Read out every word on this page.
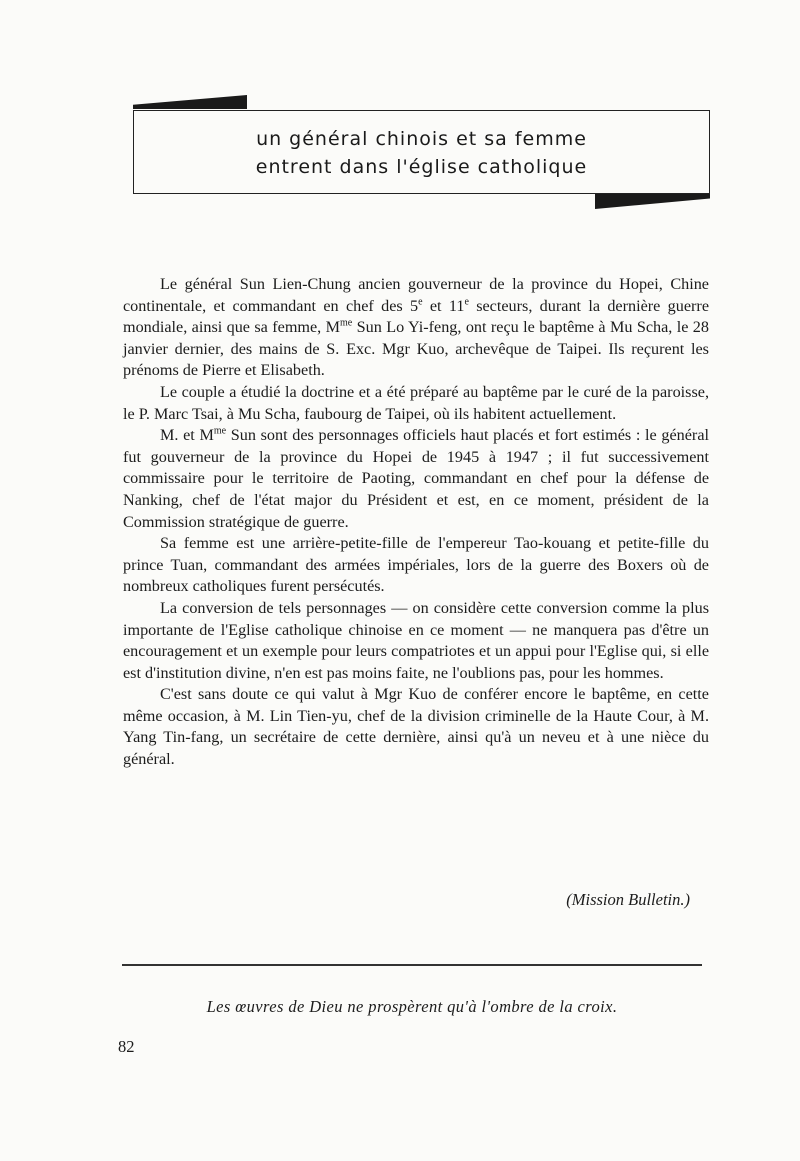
un général chinois et sa femme
entrent dans l'église catholique

Le général Sun Lien-Chung ancien gouverneur de la province du Hopei, Chine continentale, et commandant en chef des 5e et 11e secteurs, durant la dernière guerre mondiale, ainsi que sa femme, $M^{me}$ Sun Lo Yi-feng, ont reçu le baptême à Mu Scha, le 28 janvier dernier, des mains de S. Exc. Mgr Kuo, archevêque de Taipei. Ils reçurent les prénoms de Pierre et Elisabeth.

Le couple a étudié la doctrine et a été préparé au baptême par le curé de la paroisse, le P. Marc Tsai, à Mu Scha, faubourg de Taipei, où ils habitent actuellement.

M. et $M^{me}$ Sun sont des personnages officiels haut placés et fort estimés : le général fut gouverneur de la province du Hopei de 1945 à 1947 ; il fut successivement commissaire pour le territoire de Paoting, commandant en chef pour la défense de Nanking, chef de l'état major du Président et est, en ce moment, président de la Commission stratégique de guerre.

Sa femme est une arrière-petite-fille de l'empereur Tao-kouang et petite-fille du prince Tuan, commandant des armées impériales, lors de la guerre des Boxers où de nombreux catholiques furent persécutés.

La conversion de tels personnages — on considère cette conversion comme la plus importante de l'Eglise catholique chinoise en ce moment — ne manquera pas d'être un encouragement et un exemple pour leurs compatriotes et un appui pour l'Eglise qui, si elle est d'institution divine, n'en est pas moins faite, ne l'oublions pas, pour les hommes.

C'est sans doute ce qui valut à Mgr Kuo de conférer encore le baptême, en cette même occasion, à M. Lin Tien-yu, chef de la division criminelle de la Haute Cour, à M. Yang Tin-fang, un secrétaire de cette dernière, ainsi qu'à un neveu et à une nièce du général.

(Mission Bulletin.)
Les œuvres de Dieu ne prospèrent qu'à l'ombre de la croix.
82
